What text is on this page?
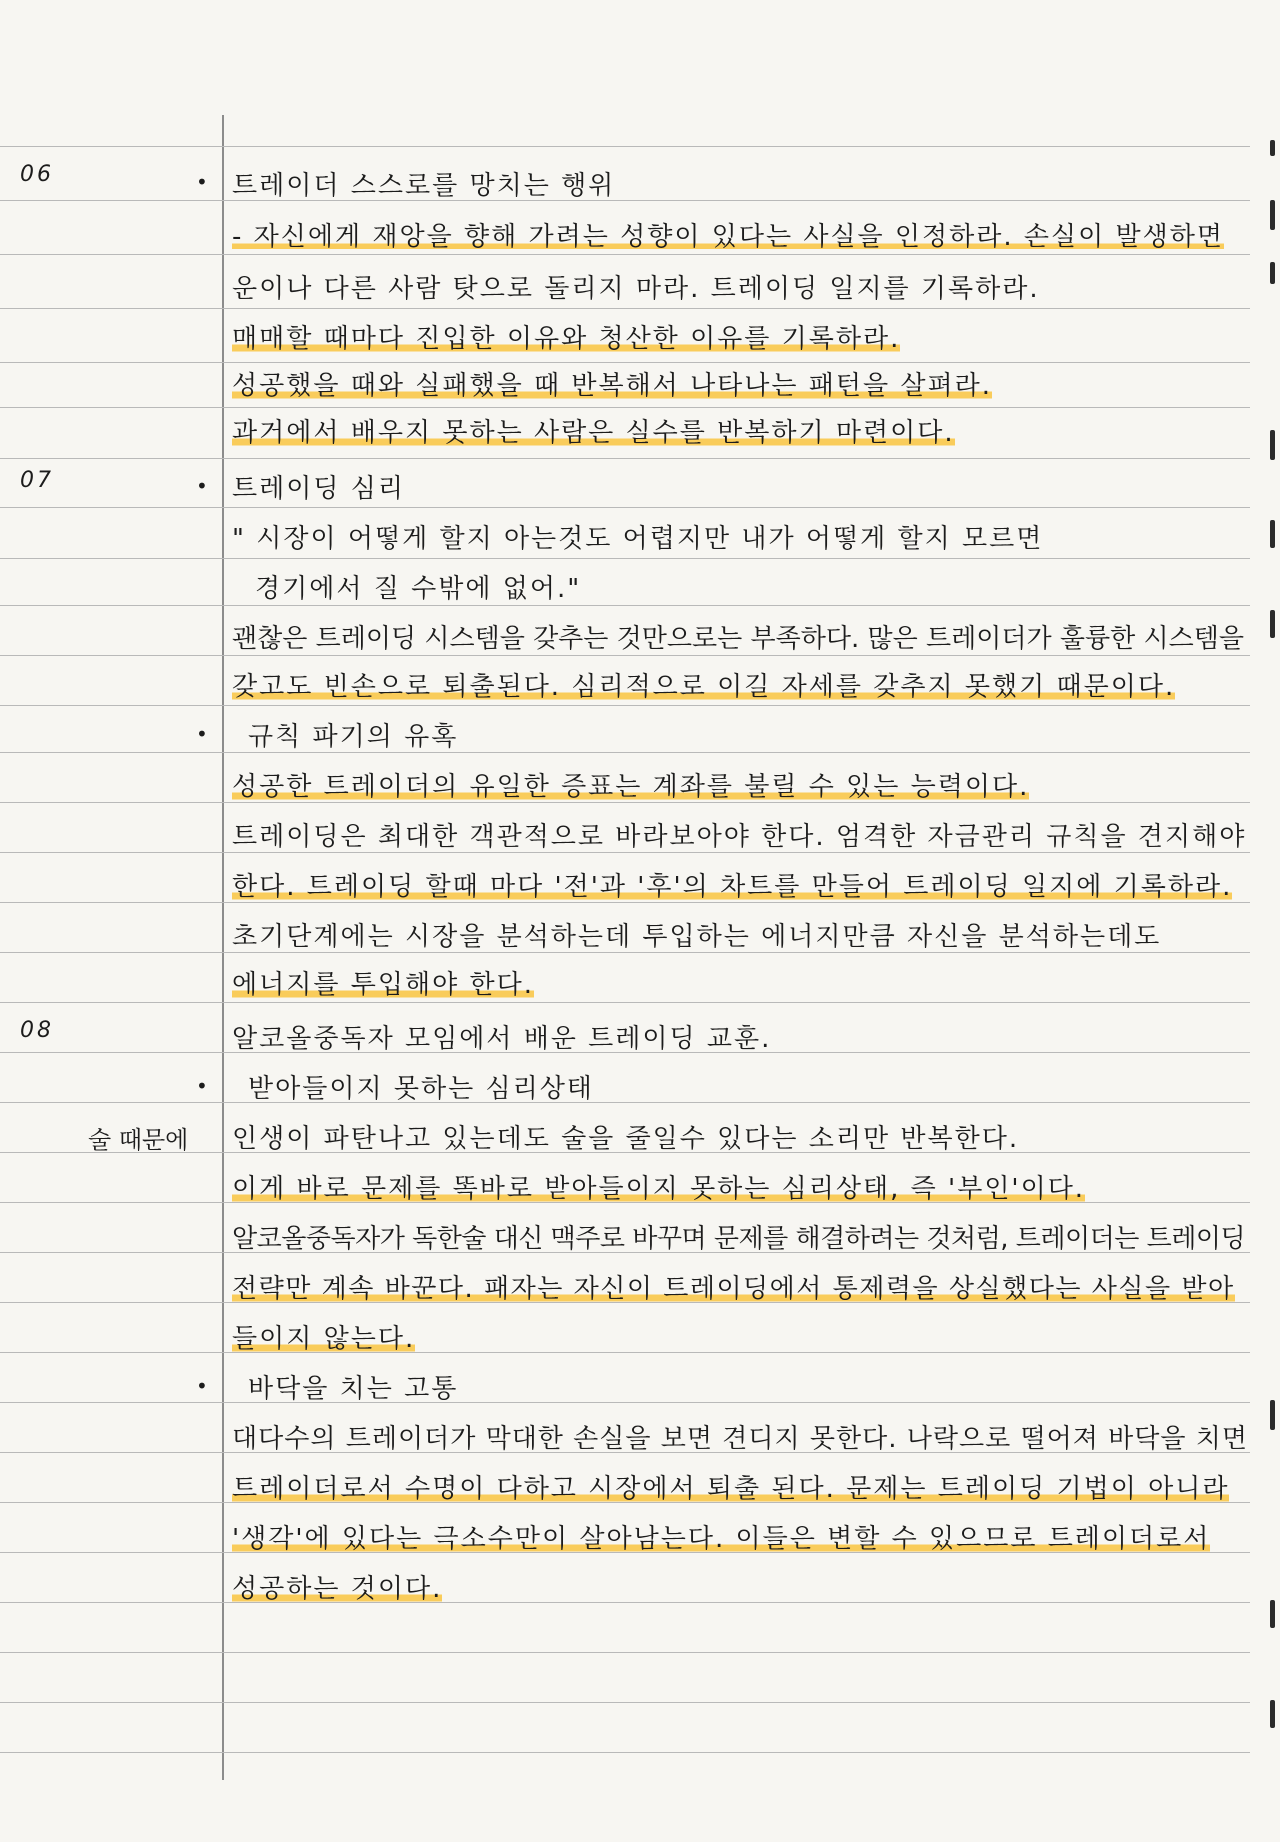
06	• 트레이더 스스로를 망치는 행위
- 자신에게 재앙을 향해 가려는 성향이 있다는 사실을 인정하라. 손실이 발생하면
운이나 다른 사람 탓으로 돌리지 마라. 트레이딩 일지를 기록하라.
매매할 때마다 진입한 이유와 청산한 이유를 기록하라.
성공했을 때와 실패했을 때 반복해서 나타나는 패턴을 살펴라.
과거에서 배우지 못하는 사람은 실수를 반복하기 마련이다.
07	• 트레이딩 심리
" 시장이 어떻게 할지 아는것도 어렵지만 내가 어떻게 할지 모르면
경기에서 질 수밖에 없어."
괜찮은 트레이딩 시스템을 갖추는 것만으로는 부족하다. 많은 트레이더가 훌륭한 시스템을
갖고도 빈손으로 퇴출된다. 심리적으로 이길 자세를 갖추지 못했기 때문이다.
• 규칙 파기의 유혹
성공한 트레이더의 유일한 증표는 계좌를 불릴 수 있는 능력이다.
트레이딩은 최대한 객관적으로 바라보아야 한다. 엄격한 자금관리 규칙을 견지해야
한다. 트레이딩 할때 마다 '전'과 '후'의 차트를 만들어 트레이딩 일지에 기록하라.
초기단계에는 시장을 분석하는데 투입하는 에너지만큼 자신을 분석하는데도
에너지를 투입해야 한다.
08	알코올중독자 모임에서 배운 트레이딩 교훈.
• 받아들이지 못하는 심리상태
술 때문에 인생이 파탄나고 있는데도 술을 줄일수 있다는 소리만 반복한다.
이게 바로 문제를 똑바로 받아들이지 못하는 심리상태, 즉 '부인'이다.
알코올중독자가 독한술 대신 맥주로 바꾸며 문제를 해결하려는 것처럼, 트레이더는 트레이딩
전략만 계속 바꾼다. 패자는 자신이 트레이딩에서 통제력을 상실했다는 사실을 받아
들이지 않는다.
• 바닥을 치는 고통
대다수의 트레이더가 막대한 손실을 보면 견디지 못한다. 나락으로 떨어져 바닥을 치면
트레이더로서 수명이 다하고 시장에서 퇴출 된다. 문제는 트레이딩 기법이 아니라
'생각'에 있다는 극소수만이 살아남는다. 이들은 변할 수 있으므로 트레이더로서
성공하는 것이다.
